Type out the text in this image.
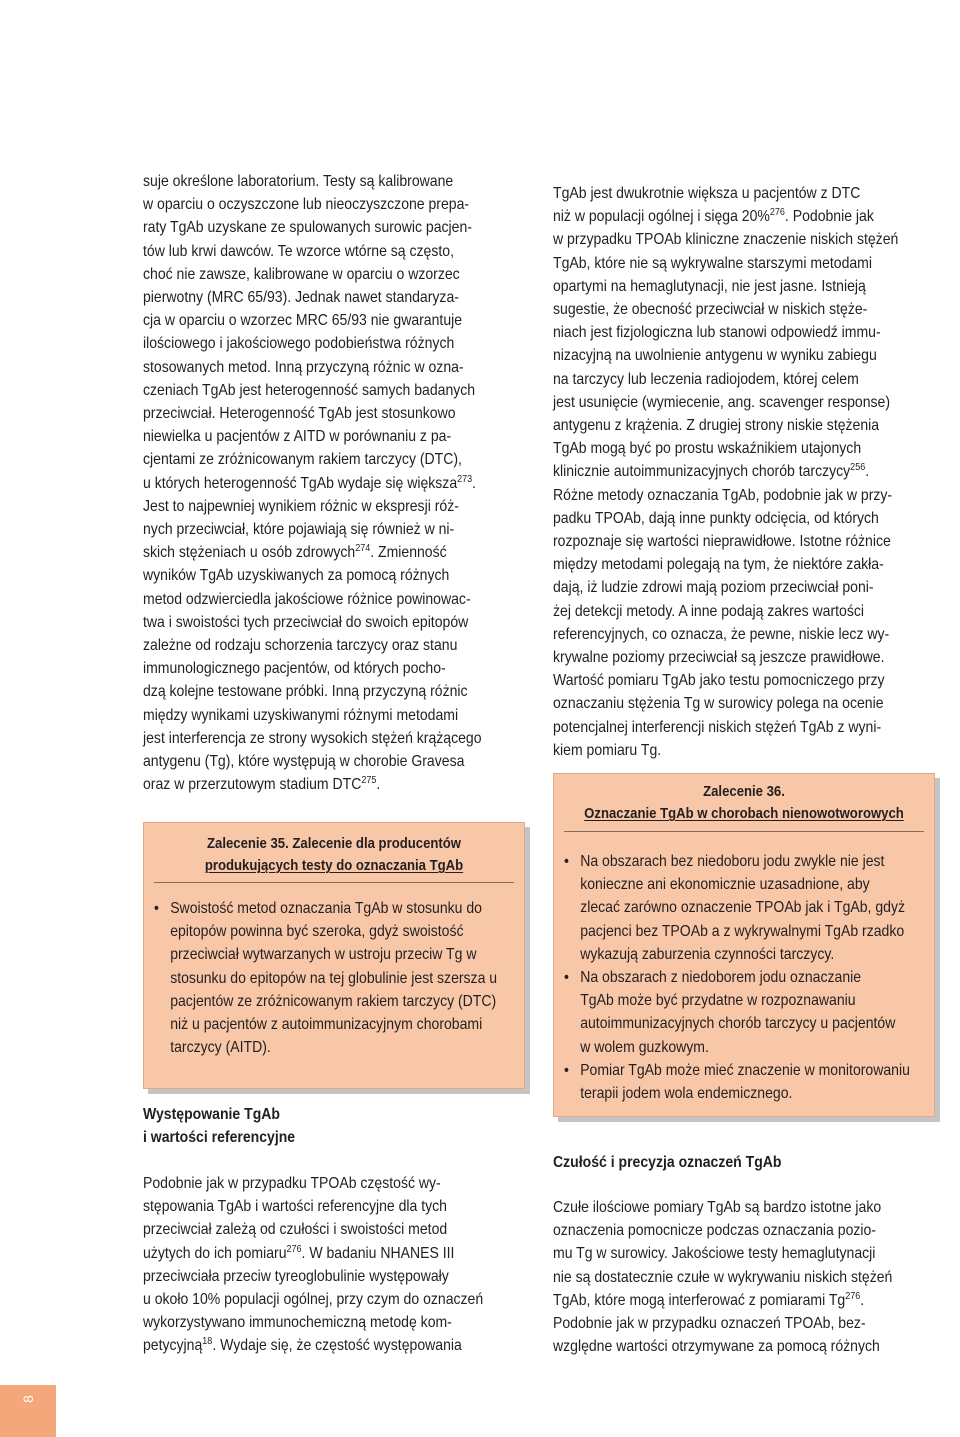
suje określone laboratorium. Testy są kalibrowane
w oparciu o oczyszczone lub nieoczyszczone prepa-
raty TgAb uzyskane ze spulowanych surowic pacjen-
tów lub krwi dawców. Te wzorce wtórne są często,
choć nie zawsze, kalibrowane w oparciu o wzorzec
pierwotny (MRC 65/93). Jednak nawet standaryza-
cja w oparciu o wzorzec MRC 65/93 nie gwarantuje
ilościowego i jakościowego podobieństwa różnych
stosowanych metod. Inną przyczyną różnic w ozna-
czeniach TgAb jest heterogenność samych badanych
przeciwciał. Heterogenność TgAb jest stosunkowo
niewielka u pacjentów z AITD w porównaniu z pa-
cjentami ze zróżnicowanym rakiem tarczycy (DTC),
u których heterogenność TgAb wydaje się większa$^{273}$.
Jest to najpewniej wynikiem różnic w ekspresji róż-
nych przeciwciał, które pojawiają się również w ni-
skich stężeniach u osób zdrowych$^{274}$. Zmienność
wyników TgAb uzyskiwanych za pomocą różnych
metod odzwierciedla jakościowe różnice powinowac-
twa i swoistości tych przeciwciał do swoich epitopów
zależne od rodzaju schorzenia tarczycy oraz stanu
immunologicznego pacjentów, od których pocho-
dzą kolejne testowane próbki. Inną przyczyną różnic
między wynikami uzyskiwanymi różnymi metodami
jest interferencja ze strony wysokich stężeń krążącego
antygenu (Tg), które występują w chorobie Gravesa
oraz w przerzutowym stadium DTC$^{275}$.

Zalecenie 35. Zalecenie dla producentów
produkujących testy do oznaczania TgAb
• Swoistość metod oznaczania TgAb w stosunku do
epitopów powinna być szeroka, gdyż swoistość
przeciwciał wytwarzanych w ustroju przeciw Tg w
stosunku do epitopów na tej globulinie jest szersza u
pacjentów ze zróżnicowanym rakiem tarczycy (DTC)
niż u pacjentów z autoimmunizacyjnym chorobami
tarczycy (AITD).
Występowanie TgAb
i wartości referencyjne
Podobnie jak w przypadku TPOAb częstość wy-
stępowania TgAb i wartości referencyjne dla tych
przeciwciał zależą od czułości i swoistości metod
użytych do ich pomiaru$^{276}$. W badaniu NHANES III
przeciwciała przeciw tyreoglobulinie występowały
u około 10% populacji ogólnej, przy czym do oznaczeń
wykorzystywano immunochemiczną metodę kom-
petycyjną$^{18}$. Wydaje się, że częstość występowania
TgAb jest dwukrotnie większa u pacjentów z DTC
niż w populacji ogólnej i sięga 20%$^{276}$. Podobnie jak
w przypadku TPOAb kliniczne znaczenie niskich stężeń
TgAb, które nie są wykrywalne starszymi metodami
opartymi na hemaglutynacji, nie jest jasne. Istnieją
sugestie, że obecność przeciwciał w niskich stęże-
niach jest fizjologiczna lub stanowi odpowiedź immu-
nizacyjną na uwolnienie antygenu w wyniku zabiegu
na tarczycy lub leczenia radiojodem, której celem
jest usunięcie (wymiecenie, ang. scavenger response)
antygenu z krążenia. Z drugiej strony niskie stężenia
TgAb mogą być po prostu wskaźnikiem utajonych
klinicznie autoimmunizacyjnych chorób tarczycy$^{256}$.
Różne metody oznaczania TgAb, podobnie jak w przy-
padku TPOAb, dają inne punkty odcięcia, od których
rozpoznaje się wartości nieprawidłowe. Istotne różnice
między metodami polegają na tym, że niektóre zakła-
dają, iż ludzie zdrowi mają poziom przeciwciał poni-
żej detekcji metody. A inne podają zakres wartości
referencyjnych, co oznacza, że pewne, niskie lecz wy-
krywalne poziomy przeciwciał są jeszcze prawidłowe.
Wartość pomiaru TgAb jako testu pomocniczego przy
oznaczaniu stężenia Tg w surowicy polega na ocenie
potencjalnej interferencji niskich stężeń TgAb z wyni-
kiem pomiaru Tg.
Zalecenie 36.
Oznaczanie TgAb w chorobach nienowotworowych
• Na obszarach bez niedoboru jodu zwykle nie jest
konieczne ani ekonomicznie uzasadnione, aby
zlecać zarówno oznaczenie TPOAb jak i TgAb, gdyż
pacjenci bez TPOAb a z wykrywalnymi TgAb rzadko
wykazują zaburzenia czynności tarczycy.
• Na obszarach z niedoborem jodu oznaczanie
TgAb może być przydatne w rozpoznawaniu
autoimmunizacyjnych chorób tarczycy u pacjentów
w wolem guzkowym.
• Pomiar TgAb może mieć znaczenie w monitorowaniu
terapii jodem wola endemicznego.
Czułość i precyzja oznaczeń TgAb
Czułe ilościowe pomiary TgAb są bardzo istotne jako
oznaczenia pomocnicze podczas oznaczania pozio-
mu Tg w surowicy. Jakościowe testy hemaglutynacji
nie są dostatecznie czułe w wykrywaniu niskich stężeń
TgAb, które mogą interferować z pomiarami Tg$^{276}$.
Podobnie jak w przypadku oznaczeń TPOAb, bez-
względne wartości otrzymywane za pomocą różnych
8
